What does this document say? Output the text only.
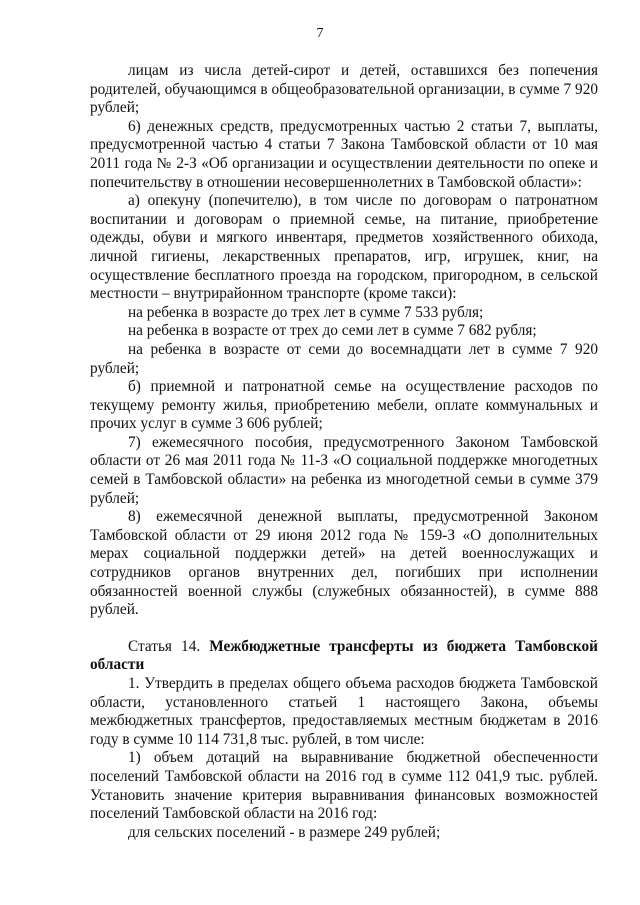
7

лицам из числа детей-сирот и детей, оставшихся без попечения родителей, обучающимся в общеобразовательной организации, в сумме 7 920 рублей;

6) денежных средств, предусмотренных частью 2 статьи 7, выплаты, предусмотренной частью 4 статьи 7 Закона Тамбовской области от 10 мая 2011 года № 2-З «Об организации и осуществлении деятельности по опеке и попечительству в отношении несовершеннолетних в Тамбовской области»:

а) опекуну (попечителю), в том числе по договорам о патронатном воспитании и договорам о приемной семье, на питание, приобретение одежды, обуви и мягкого инвентаря, предметов хозяйственного обихода, личной гигиены, лекарственных препаратов, игр, игрушек, книг, на осуществление бесплатного проезда на городском, пригородном, в сельской местности – внутрирайонном транспорте (кроме такси):

на ребенка в возрасте до трех лет в сумме 7 533 рубля;

на ребенка в возрасте от трех до семи лет в сумме 7 682 рубля;

на ребенка в возрасте от семи до восемнадцати лет в сумме 7 920 рублей;

б) приемной и патронатной семье на осуществление расходов по текущему ремонту жилья, приобретению мебели, оплате коммунальных и прочих услуг в сумме 3 606 рублей;

7) ежемесячного пособия, предусмотренного Законом Тамбовской области от 26 мая 2011 года № 11-З «О социальной поддержке многодетных семей в Тамбовской области» на ребенка из многодетной семьи в сумме 379 рублей;

8) ежемесячной денежной выплаты, предусмотренной Законом Тамбовской области от 29 июня 2012 года № 159-З «О дополнительных мерах социальной поддержки детей» на детей военнослужащих и сотрудников органов внутренних дел, погибших при исполнении обязанностей военной службы (служебных обязанностей), в сумме 888 рублей.

Статья 14. Межбюджетные трансферты из бюджета Тамбовской области

1. Утвердить в пределах общего объема расходов бюджета Тамбовской области, установленного статьей 1 настоящего Закона, объемы межбюджетных трансфертов, предоставляемых местным бюджетам в 2016 году в сумме 10 114 731,8 тыс. рублей, в том числе:

1) объем дотаций на выравнивание бюджетной обеспеченности поселений Тамбовской области на 2016 год в сумме 112 041,9 тыс. рублей. Установить значение критерия выравнивания финансовых возможностей поселений Тамбовской области на 2016 год:

для сельских поселений - в размере 249 рублей;
